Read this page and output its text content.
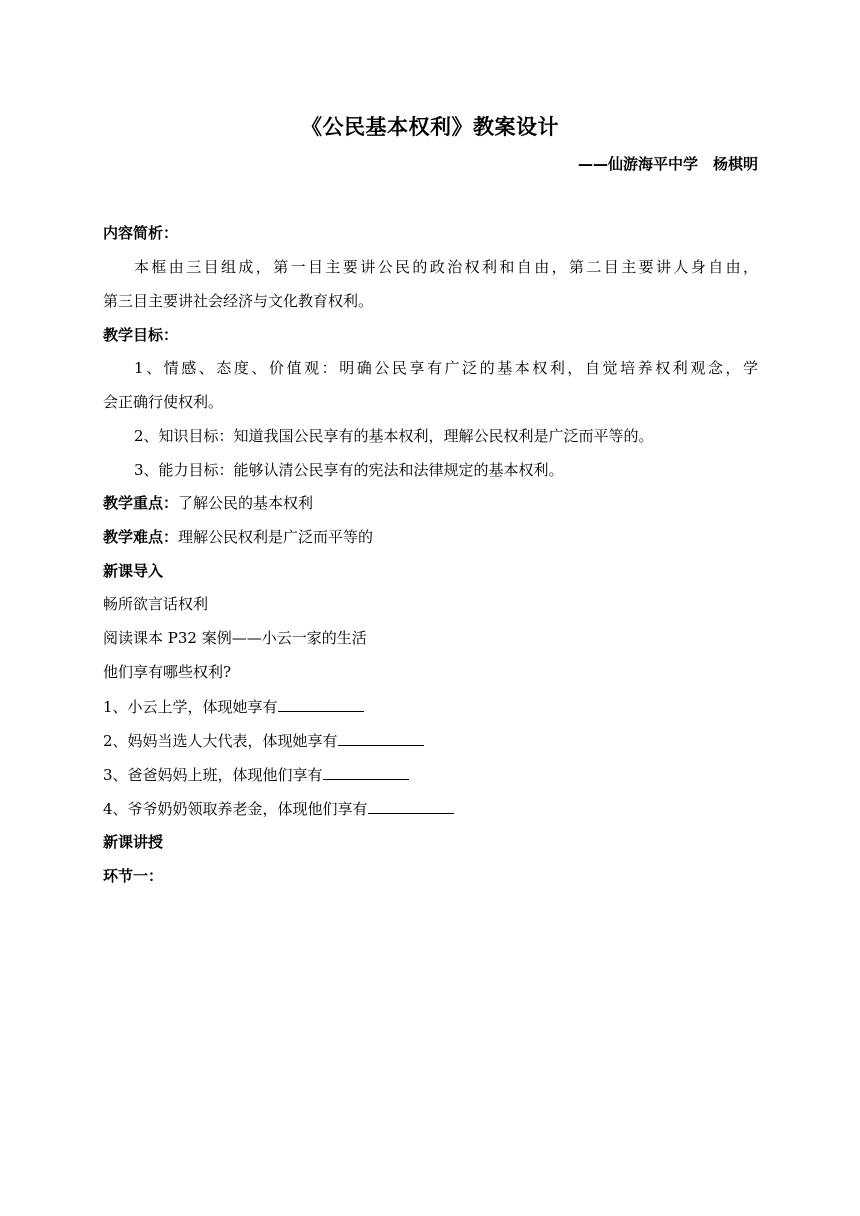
《公民基本权利》教案设计
——仙游海平中学　杨棋明
内容简析：
本框由三目组成，第一目主要讲公民的政治权利和自由，第二目主要讲人身自由，
第三目主要讲社会经济与文化教育权利。
教学目标：
1、情感、态度、价值观：明确公民享有广泛的基本权利，自觉培养权利观念，学
会正确行使权利。
2、知识目标：知道我国公民享有的基本权利，理解公民权利是广泛而平等的。
3、能力目标：能够认清公民享有的宪法和法律规定的基本权利。
教学重点：了解公民的基本权利
教学难点：理解公民权利是广泛而平等的
新课导入
畅所欲言话权利
阅读课本 P32 案例——小云一家的生活
他们享有哪些权利?
1、小云上学，体现她享有
2、妈妈当选人大代表，体现她享有
3、爸爸妈妈上班，体现他们享有
4、爷爷奶奶领取养老金，体现他们享有
新课讲授
环节一：
